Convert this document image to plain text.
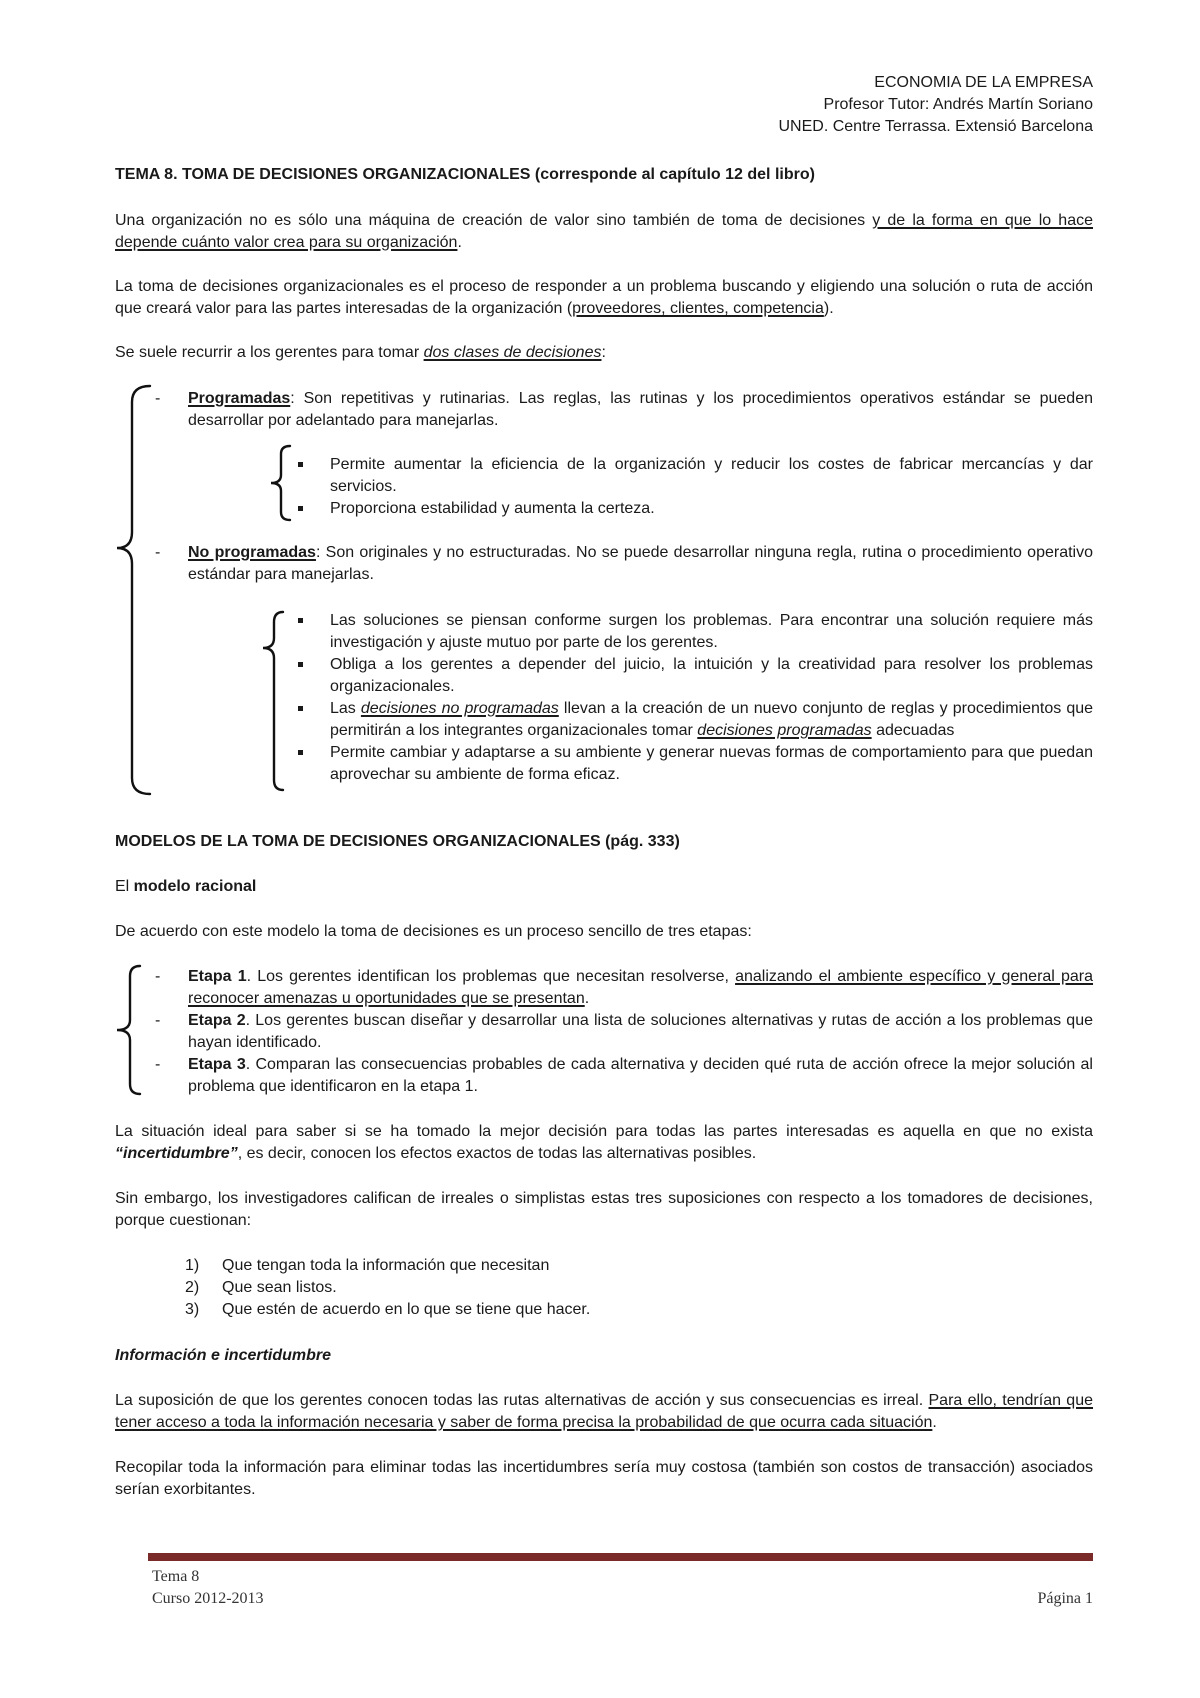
ECONOMIA DE LA EMPRESA
Profesor Tutor: Andrés Martín Soriano
UNED. Centre Terrassa. Extensió Barcelona

TEMA 8. TOMA DE DECISIONES ORGANIZACIONALES (corresponde al capítulo 12 del libro)

Una organización no es sólo una máquina de creación de valor sino también de toma de decisiones y de la forma en que lo hace depende cuánto valor crea para su organización.

La toma de decisiones organizacionales es el proceso de responder a un problema buscando y eligiendo una solución o ruta de acción que creará valor para las partes interesadas de la organización (proveedores, clientes, competencia).

Se suele recurrir a los gerentes para tomar dos clases de decisiones:

- Programadas: Son repetitivas y rutinarias. Las reglas, las rutinas y los procedimientos operativos estándar se pueden desarrollar por adelantado para manejarlas.

Permite aumentar la eficiencia de la organización y reducir los costes de fabricar mercancías y dar servicios.
Proporciona estabilidad y aumenta la certeza.
- No programadas: Son originales y no estructuradas. No se puede desarrollar ninguna regla, rutina o procedimiento operativo estándar para manejarlas.

Las soluciones se piensan conforme surgen los problemas. Para encontrar una solución requiere más investigación y ajuste mutuo por parte de los gerentes.
Obliga a los gerentes a depender del juicio, la intuición y la creatividad para resolver los problemas organizacionales.
Las decisiones no programadas llevan a la creación de un nuevo conjunto de reglas y procedimientos que permitirán a los integrantes organizacionales tomar decisiones programadas adecuadas
Permite cambiar y adaptarse a su ambiente y generar nuevas formas de comportamiento para que puedan aprovechar su ambiente de forma eficaz.

MODELOS DE LA TOMA DE DECISIONES ORGANIZACIONALES (pág. 333)

El modelo racional

De acuerdo con este modelo la toma de decisiones es un proceso sencillo de tres etapas:

- Etapa 1. Los gerentes identifican los problemas que necesitan resolverse, analizando el ambiente específico y general para reconocer amenazas u oportunidades que se presentan.

- Etapa 2. Los gerentes buscan diseñar y desarrollar una lista de soluciones alternativas y rutas de acción a los problemas que hayan identificado.

- Etapa 3. Comparan las consecuencias probables de cada alternativa y deciden qué ruta de acción ofrece la mejor solución al problema que identificaron en la etapa 1.

La situación ideal para saber si se ha tomado la mejor decisión para todas las partes interesadas es aquella en que no exista “incertidumbre”, es decir, conocen los efectos exactos de todas las alternativas posibles.

Sin embargo, los investigadores califican de irreales o simplistas estas tres suposiciones con respecto a los tomadores de decisiones, porque cuestionan:

1) Que tengan toda la información que necesitan
2) Que sean listos.
3) Que estén de acuerdo en lo que se tiene que hacer.

Información e incertidumbre

La suposición de que los gerentes conocen todas las rutas alternativas de acción y sus consecuencias es irreal. Para ello, tendrían que tener acceso a toda la información necesaria y saber de forma precisa la probabilidad de que ocurra cada situación.

Recopilar toda la información para eliminar todas las incertidumbres sería muy costosa (también son costos de transacción) asociados serían exorbitantes.

Tema 8
Curso 2012-2013	Página 1
